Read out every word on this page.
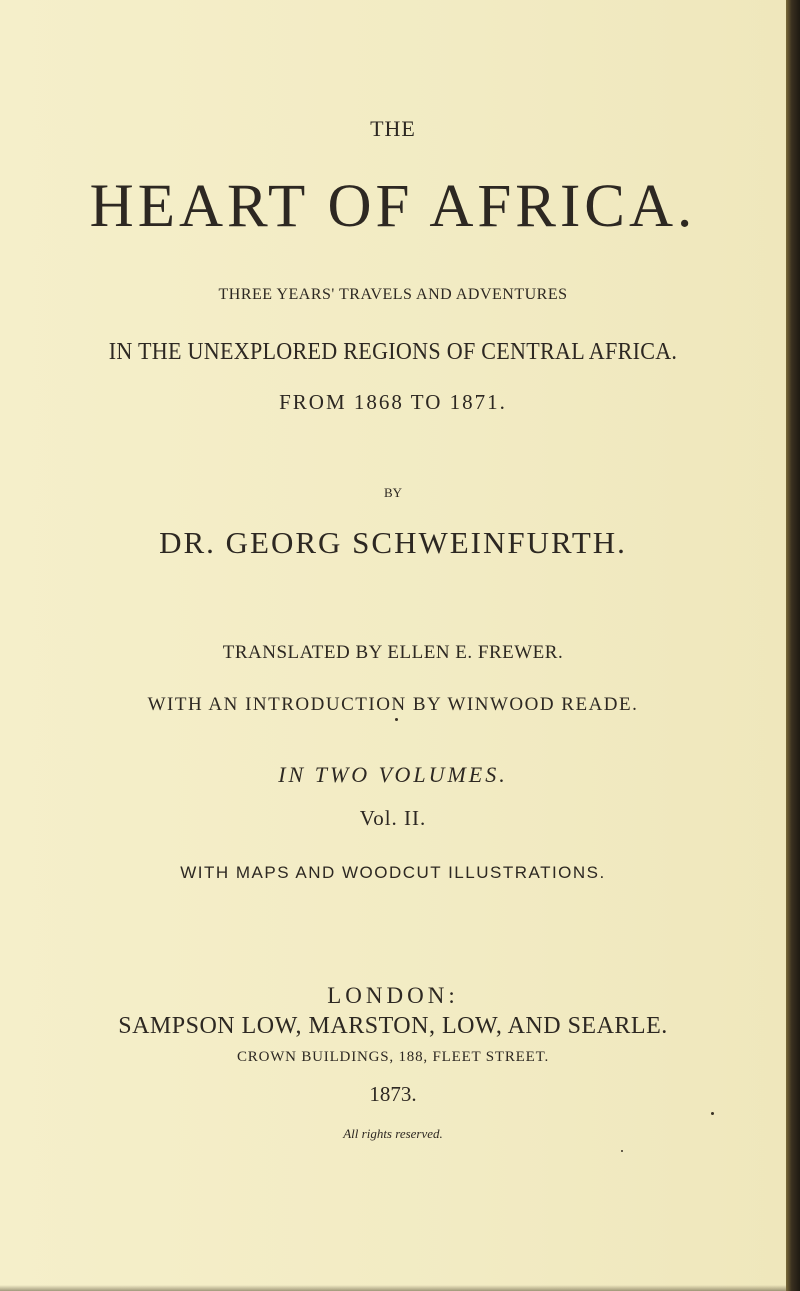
THE
HEART OF AFRICA.
THREE YEARS' TRAVELS AND ADVENTURES
IN THE UNEXPLORED REGIONS OF CENTRAL AFRICA.
FROM 1868 TO 1871.
BY
DR. GEORG SCHWEINFURTH.
TRANSLATED BY ELLEN E. FREWER.
WITH AN INTRODUCTION BY WINWOOD READE.
IN TWO VOLUMES.
Vol. II.
WITH MAPS AND WOODCUT ILLUSTRATIONS.
LONDON:
SAMPSON LOW, MARSTON, LOW, AND SEARLE.
CROWN BUILDINGS, 188, FLEET STREET.
1873.
All rights reserved.
